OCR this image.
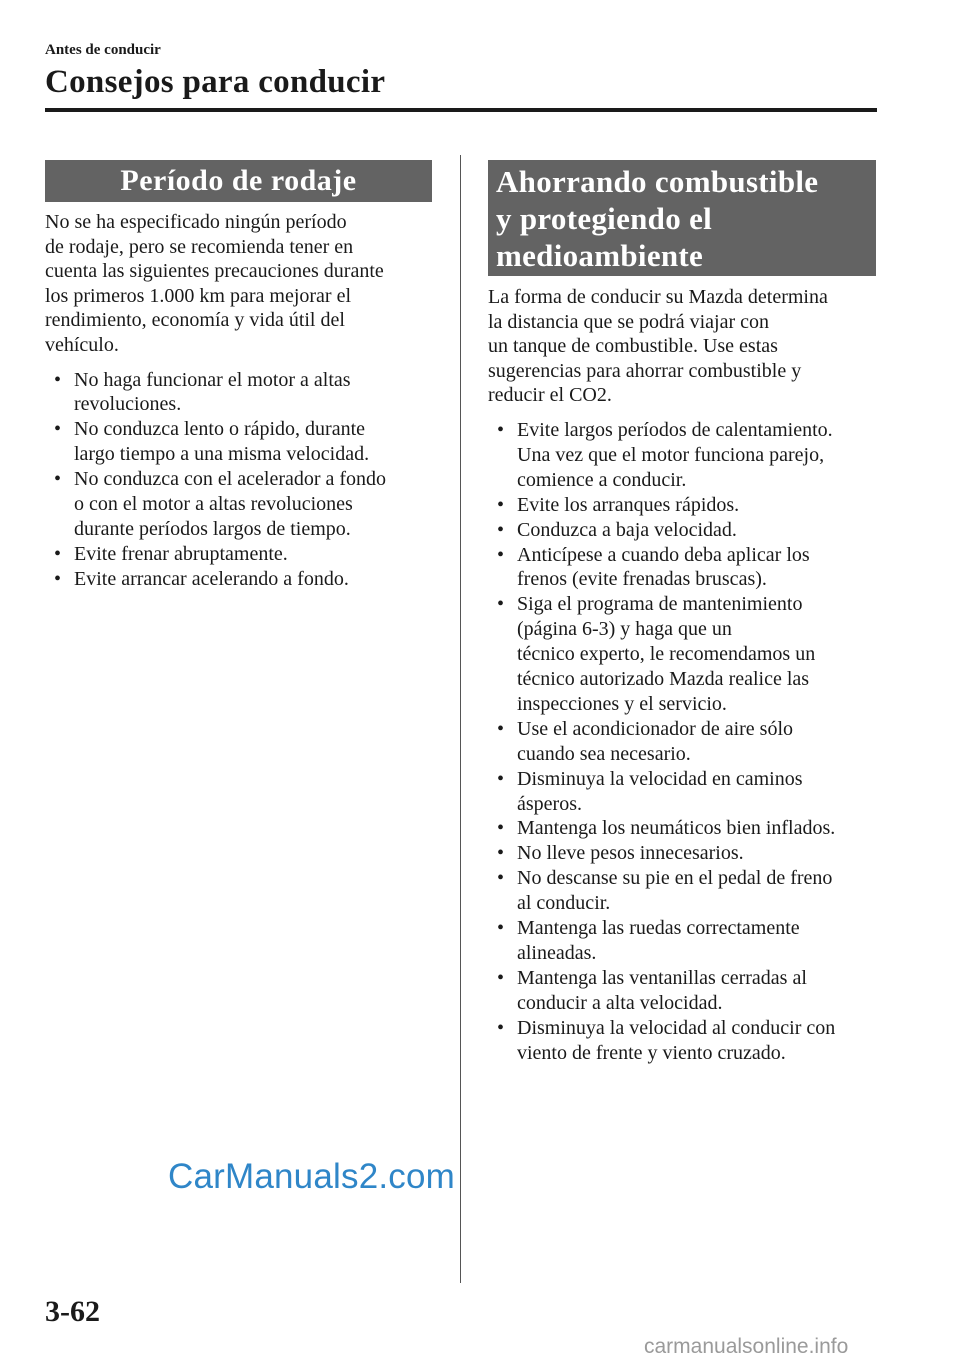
Antes de conducir
Consejos para conducir
Período de rodaje

No se ha especificado ningún período
de rodaje, pero se recomienda tener en
cuenta las siguientes precauciones durante
los primeros 1.000 km para mejorar el
rendimiento, economía y vida útil del
vehículo.

• No haga funcionar el motor a altas
revoluciones.
• No conduzca lento o rápido, durante
largo tiempo a una misma velocidad.
• No conduzca con el acelerador a fondo
o con el motor a altas revoluciones
durante períodos largos de tiempo.
• Evite frenar abruptamente.
• Evite arrancar acelerando a fondo.
Ahorrando combustible
y protegiendo el
medioambiente

La forma de conducir su Mazda determina
la distancia que se podrá viajar con
un tanque de combustible. Use estas
sugerencias para ahorrar combustible y
reducir el CO2.

• Evite largos períodos de calentamiento.
Una vez que el motor funciona parejo,
comience a conducir.
• Evite los arranques rápidos.
• Conduzca a baja velocidad.
• Anticípese a cuando deba aplicar los
frenos (evite frenadas bruscas).
• Siga el programa de mantenimiento
(página 6-3) y haga que un
técnico experto, le recomendamos un
técnico autorizado Mazda realice las
inspecciones y el servicio.
• Use el acondicionador de aire sólo
cuando sea necesario.
• Disminuya la velocidad en caminos
ásperos.
• Mantenga los neumáticos bien inflados.
• No lleve pesos innecesarios.
• No descanse su pie en el pedal de freno
al conducir.
• Mantenga las ruedas correctamente
alineadas.
• Mantenga las ventanillas cerradas al
conducir a alta velocidad.
• Disminuya la velocidad al conducir con
viento de frente y viento cruzado.
CarManuals2.com
3-62
carmanualsonline.info
